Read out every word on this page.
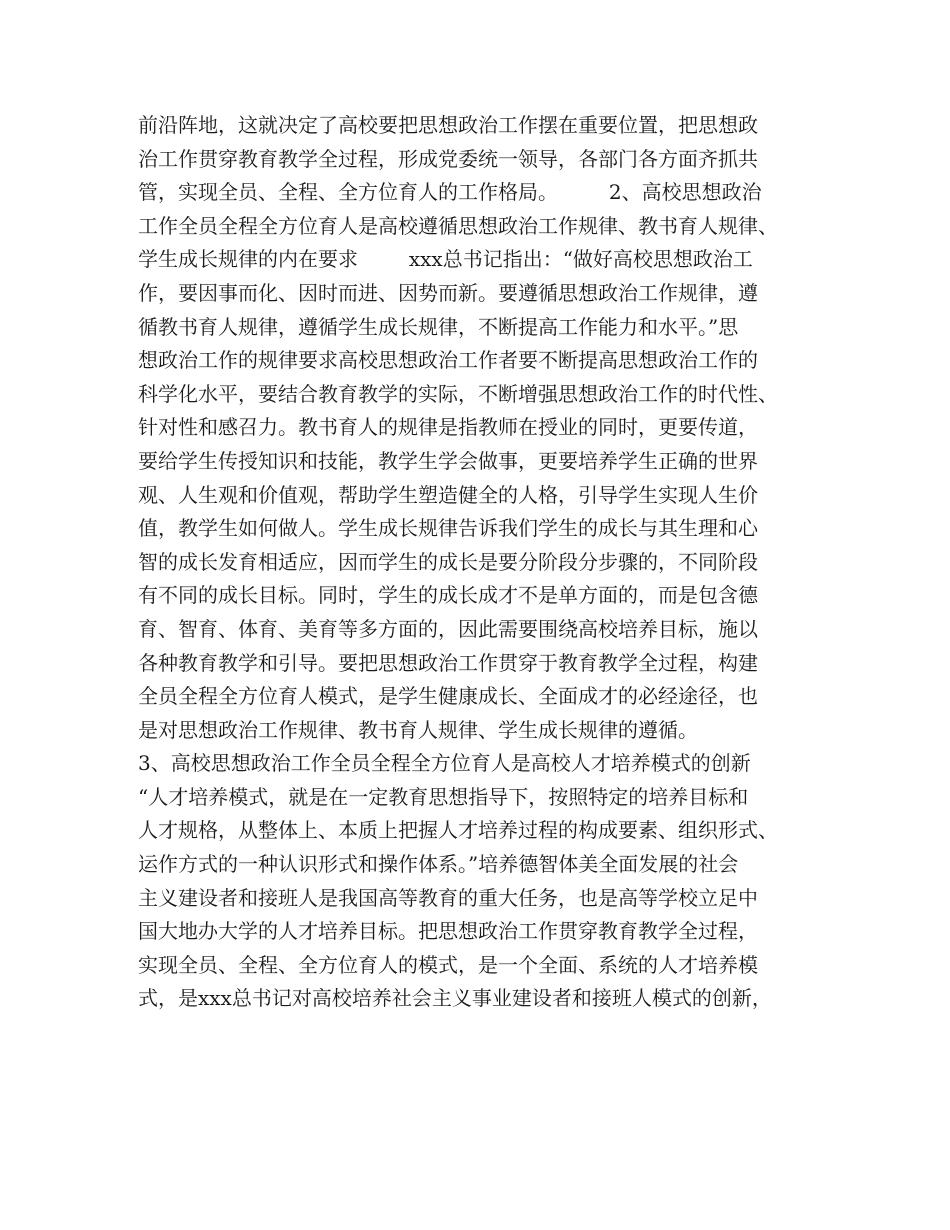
前沿阵地，这就决定了高校要把思想政治工作摆在重要位置，把思想政
治工作贯穿教育教学全过程，形成党委统一领导，各部门各方面齐抓共
管，实现全员、全程、全方位育人的工作格局。        2、高校思想政治
工作全员全程全方位育人是高校遵循思想政治工作规律、教书育人规律、
学生成长规律的内在要求        xxx总书记指出：“做好高校思想政治工
作，要因事而化、因时而进、因势而新。要遵循思想政治工作规律，遵
循教书育人规律，遵循学生成长规律，不断提高工作能力和水平。”思
想政治工作的规律要求高校思想政治工作者要不断提高思想政治工作的
科学化水平，要结合教育教学的实际，不断增强思想政治工作的时代性、
针对性和感召力。教书育人的规律是指教师在授业的同时，更要传道，
要给学生传授知识和技能，教学生学会做事，更要培养学生正确的世界
观、人生观和价值观，帮助学生塑造健全的人格，引导学生实现人生价
值，教学生如何做人。学生成长规律告诉我们学生的成长与其生理和心
智的成长发育相适应，因而学生的成长是要分阶段分步骤的，不同阶段
有不同的成长目标。同时，学生的成长成才不是单方面的，而是包含德
育、智育、体育、美育等多方面的，因此需要围绕高校培养目标，施以
各种教育教学和引导。要把思想政治工作贯穿于教育教学全过程，构建
全员全程全方位育人模式，是学生健康成长、全面成才的必经途径，也
是对思想政治工作规律、教书育人规律、学生成长规律的遵循。
3、高校思想政治工作全员全程全方位育人是高校人才培养模式的创新
“人才培养模式，就是在一定教育思想指导下，按照特定的培养目标和
人才规格，从整体上、本质上把握人才培养过程的构成要素、组织形式、
运作方式的一种认识形式和操作体系。”培养德智体美全面发展的社会
主义建设者和接班人是我国高等教育的重大任务，也是高等学校立足中
国大地办大学的人才培养目标。把思想政治工作贯穿教育教学全过程，
实现全员、全程、全方位育人的模式，是一个全面、系统的人才培养模
式，是xxx总书记对高校培养社会主义事业建设者和接班人模式的创新，
